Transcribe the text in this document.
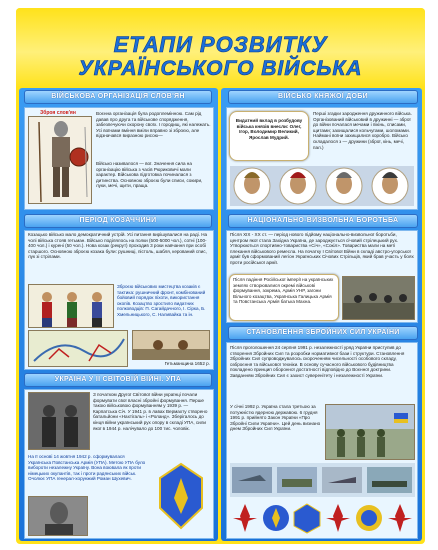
ЕТАПИ РОЗВИТКУ
УКРАЇНСЬКОГО ВІЙСЬКА
ВІЙСЬКОВА ОРГАНІЗАЦІЯ СЛОВ'ЯН
Зброя слов'ян	Воєнна організація була родоплемінною. Сам рід давав про друга та військове спорядження, забезпечуючи охорону своїх. І городищ, які належать. Усі воїнами вміння вміли вправно зі зброєю, але відзначався виразною рисою—
Військо називалося — вої. Значення сила на організацію війська з часів Рюриковичі мали характер. Військова підготовка починалася з дитинства. Основною зброєю були списи, сокири, луки, мечі, щити, праща.
ВІЙСЬКО КНЯЖОЇ ДОБИ
Видатний вклад в розбудову війська князів внесли: Олег, Ігор, Володимир Великий, Ярослав Мудрий.
Перші згадки зародження дружинного війська. Організований військовий в дружинні — зброї до війни почалася мечами і пікінь, списами, щитами; захищалися кольчугами, шоломами. Наймані воїни захищалися хоробро. Військо складалося з — дружини (зброї, кінь, мечі, пал.)
ПЕРІОД КОЗАЧЧИНИ
Козацько військо мало демократичний устрій. Усі питання вирішувалися на раді. На чолі війська стояв гетьман. Військо поділялось на полки (500-5000 чол.), сотні (100-400 чол.) і курені (50 чол.). Нова козак (рекрут) проходив 3 роки навчання при особі старшого. Основною зброєю козака були: рушниці, пістоль, шабля, керований спис, лук зі стрілами.
Зброєю військових мистецтва козаків є тактика: рушничний фронт, комбінований бойовий порядок піхоти, використання окопів. Козацтво зростило видатних полководців: П. Сагайдачного, І. Сірка, Б. Хмельницького, С. Наливайка та ін.
Гетьманщина 1652 р.
НАЦІОНАЛЬНО-ВИЗВОЛЬНА БОРОТЬБА
Після XIX - XX ст. — період нового підйому національно-визвольної боротьби, центром якої стала Західна Україна, де зароджується січовий стрілецький рух. Утворюються спортивно-товариства «Січ», «Сокіл». Товариства мали на меті плекання військового ремесла. На початку І Світової Війни в складі австро-угорської армії був сформований легіон Українських Січових Стрільців, який брав участь у боях проти російської армії.
Після падіння Російської імперії на українських землях створювалися окремі військові формування, зокрема, Армія УНР, загони Вільного козацтва, Українська Галицька Армія та Повстанська Армія батька Махна.
УКРАЇНА У ІІ СВІТОВІЙ ВІЙНІ. УПА
З початком Другої Світової війни українці почали формувати свої власні збройні формування. Перше такою військовою формуванням у 1939 р. — Карпатська Січ. У 1941 р. в лавах Вермахту створено батальйони «Нахтігаль» і «Роланд». Зберігалось до кінця війни український рух опору в складі УПА, сили якої в 1944 р. налічувало до 100 тис. чоловік.
На її основі 14 жовтня 1942 р. сформувалася Українська Повстанська Армія (УПА). Метою УПА було вибороти незалежну Україну. Вона воювала як проти німецьких окупантів, так і проти радянських військ. Очолює УПА генерал-хорунжий Роман Шухевич.
СТАНОВЛЕННЯ ЗБРОЙНИХ СИЛ УКРАЇНИ
Після проголошення 24 серпня 1991 р. незалежності уряд України приступив до створення Збройних Сил та розробки нормативної бази і структури. Становлення Збройних Сил супроводжувалось скороченням чисельності особового складу, озброєння та військової техніки. В основу сучасного військового будівництва покладено принцип оборонної достатності відповідно до Воєнної доктрини. Завданням Збройних Сил є захист суверенітету і незалежності України.
У січні 1992 р. Україна стала третьою за потужністю ядерною державою. 6 грудня 1991 р. прийнято Закон України «Про Збройні Сили України». Цей день визнано днем Збройних Сил України.
